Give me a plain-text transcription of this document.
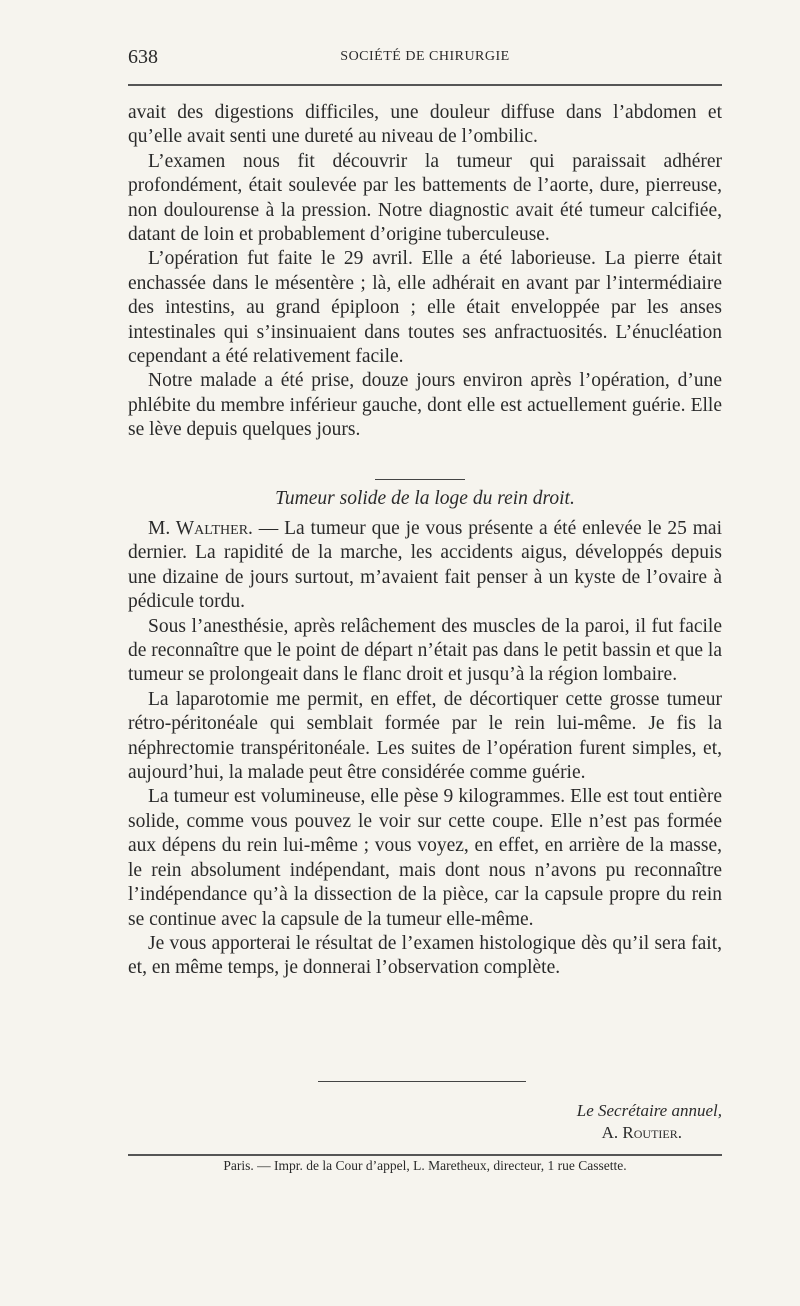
638	SOCIÉTÉ DE CHIRURGIE

avait des digestions difficiles, une douleur diffuse dans l’abdomen et qu’elle avait senti une dureté au niveau de l’ombilic.

L’examen nous fit découvrir la tumeur qui paraissait adhérer profondément, était soulevée par les battements de l’aorte, dure, pierreuse, non doulourense à la pression. Notre diagnostic avait été tumeur calcifiée, datant de loin et probablement d’origine tuberculeuse.

L’opération fut faite le 29 avril. Elle a été laborieuse. La pierre était enchassée dans le mésentère ; là, elle adhérait en avant par l’intermédiaire des intestins, au grand épiploon ; elle était enveloppée par les anses intestinales qui s’insinuaient dans toutes ses anfractuosités. L’énucléation cependant a été relativement facile.

Notre malade a été prise, douze jours environ après l’opération, d’une phlébite du membre inférieur gauche, dont elle est actuellement guérie. Elle se lève depuis quelques jours.

Tumeur solide de la loge du rein droit.

M. Walther. — La tumeur que je vous présente a été enlevée le 25 mai dernier. La rapidité de la marche, les accidents aigus, développés depuis une dizaine de jours surtout, m’avaient fait penser à un kyste de l’ovaire à pédicule tordu.

Sous l’anesthésie, après relâchement des muscles de la paroi, il fut facile de reconnaître que le point de départ n’était pas dans le petit bassin et que la tumeur se prolongeait dans le flanc droit et jusqu’à la région lombaire.

La laparotomie me permit, en effet, de décortiquer cette grosse tumeur rétro-péritonéale qui semblait formée par le rein lui-même. Je fis la néphrectomie transpéritonéale. Les suites de l’opération furent simples, et, aujourd’hui, la malade peut être considérée comme guérie.

La tumeur est volumineuse, elle pèse 9 kilogrammes. Elle est tout entière solide, comme vous pouvez le voir sur cette coupe. Elle n’est pas formée aux dépens du rein lui-même ; vous voyez, en effet, en arrière de la masse, le rein absolument indépendant, mais dont nous n’avons pu reconnaître l’indépendance qu’à la dissection de la pièce, car la capsule propre du rein se continue avec la capsule de la tumeur elle-même.

Je vous apporterai le résultat de l’examen histologique dès qu’il sera fait, et, en même temps, je donnerai l’observation complète.

Le Secrétaire annuel,
A. Routier.
Paris. — Impr. de la Cour d’appel, L. Maretheux, directeur, 1 rue Cassette.
